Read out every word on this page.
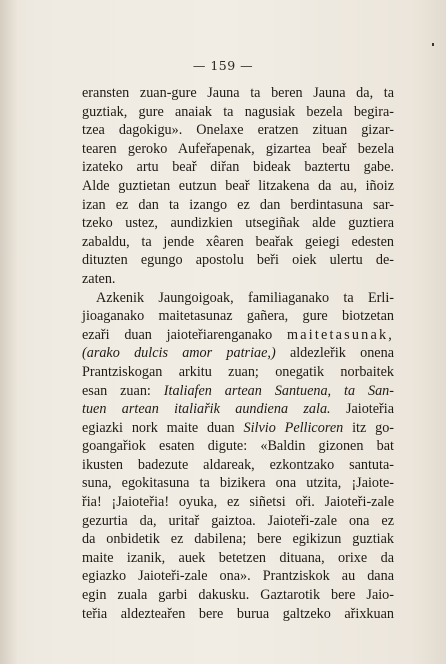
— 159 —
eransten zuan-gure Jauna ta beren Jauna da, ta
guztiak, gure anaiak ta nagusiak bezela begira-
tzea dagokigu». Onelaxe eratzen zituan gizar-
tearen geroko Aufeřapenak, gizartea beař bezela
izateko artu beař diřan bideak baztertu gabe.
Alde guztietan eutzun beař litzakena da au, iñoiz
izan ez dan ta izango ez dan berdintasuna sar-
tzeko ustez, aundizkien utsegiñak alde guztiera
zabaldu, ta jende xêaren beařak geiegi edesten
dituzten egungo apostolu beři oiek ulertu de-
zaten.
Azkenik Jaungoigoak, familiaganako ta Erli-
jioaganako maitetasunaz gañera, gure biotzetan
ezaři duan jaioteřiarenganako maitetasunak,
(arako dulcis amor patriae,) aldezleřik onena
Prantziskogan arkitu zuan; onegatik norbaitek
esan zuan: Italiafen artean Santuena, ta San-
tuen artean italiařik aundiena zala. Jaioteřia
egiazki nork maite duan Silvio Pellicoren itz go-
goangařiok esaten digute: «Baldin gizonen bat
ikusten badezute aldareak, ezkontzako santuta-
suna, egokitasuna ta bizikera ona utzita, ¡Jaiote-
řia! ¡Jaioteřia! oyuka, ez siñetsi oři. Jaioteři-zale
gezurtia da, uritař gaiztoa. Jaioteři-zale ona ez
da onbidetik ez dabilena; bere egikizun guztiak
maite izanik, auek betetzen dituana, orixe da
egiazko Jaioteři-zale ona». Prantziskok au dana
egin zuala garbi dakusku. Gaztarotik bere Jaio-
teřia aldezteařen bere burua galtzeko ařixkuan
